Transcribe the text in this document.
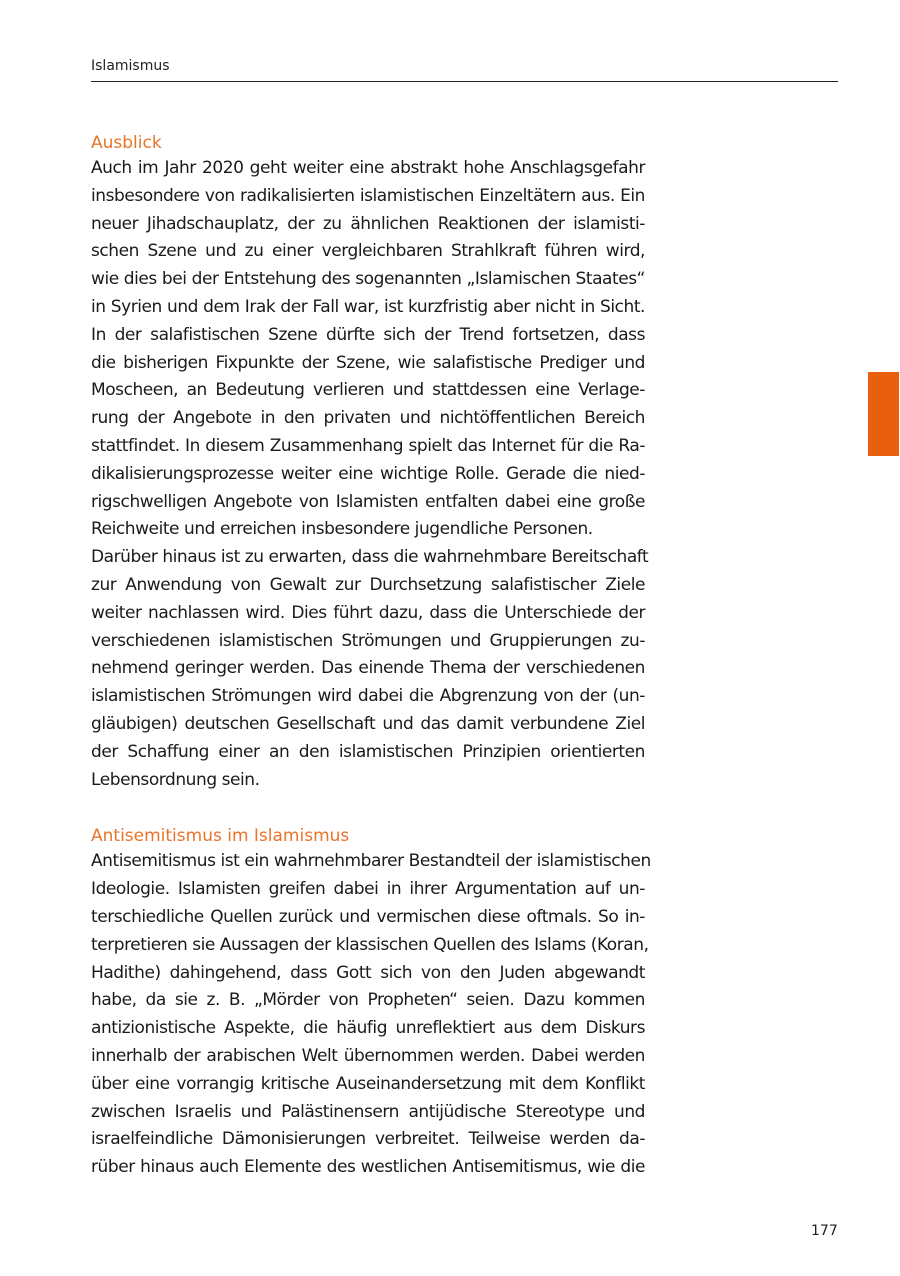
Islamismus
Ausblick
Auch im Jahr 2020 geht weiter eine abstrakt hohe Anschlagsgefahr
insbesondere von radikalisierten islamistischen Einzeltätern aus. Ein
neuer Jihadschauplatz, der zu ähnlichen Reaktionen der islamisti-
schen Szene und zu einer vergleichbaren Strahlkraft führen wird,
wie dies bei der Entstehung des sogenannten „Islamischen Staates“
in Syrien und dem Irak der Fall war, ist kurzfristig aber nicht in Sicht.
In der salafistischen Szene dürfte sich der Trend fortsetzen, dass
die bisherigen Fixpunkte der Szene, wie salafistische Prediger und
Moscheen, an Bedeutung verlieren und stattdessen eine Verlage-
rung der Angebote in den privaten und nichtöffentlichen Bereich
stattfindet. In diesem Zusammenhang spielt das Internet für die Ra-
dikalisierungsprozesse weiter eine wichtige Rolle. Gerade die nied-
rigschwelligen Angebote von Islamisten entfalten dabei eine große
Reichweite und erreichen insbesondere jugendliche Personen.
Darüber hinaus ist zu erwarten, dass die wahrnehmbare Bereitschaft
zur Anwendung von Gewalt zur Durchsetzung salafistischer Ziele
weiter nachlassen wird. Dies führt dazu, dass die Unterschiede der
verschiedenen islamistischen Strömungen und Gruppierungen zu-
nehmend geringer werden. Das einende Thema der verschiedenen
islamistischen Strömungen wird dabei die Abgrenzung von der (un-
gläubigen) deutschen Gesellschaft und das damit verbundene Ziel
der Schaffung einer an den islamistischen Prinzipien orientierten
Lebensordnung sein.
Antisemitismus im Islamismus
Antisemitismus ist ein wahrnehmbarer Bestandteil der islamistischen
Ideologie. Islamisten greifen dabei in ihrer Argumentation auf un-
terschiedliche Quellen zurück und vermischen diese oftmals. So in-
terpretieren sie Aussagen der klassischen Quellen des Islams (Koran,
Hadithe) dahingehend, dass Gott sich von den Juden abgewandt
habe, da sie z. B. „Mörder von Propheten“ seien. Dazu kommen
antizionistische Aspekte, die häufig unreflektiert aus dem Diskurs
innerhalb der arabischen Welt übernommen werden. Dabei werden
über eine vorrangig kritische Auseinandersetzung mit dem Konflikt
zwischen Israelis und Palästinensern antijüdische Stereotype und
israelfeindliche Dämonisierungen verbreitet. Teilweise werden da-
rüber hinaus auch Elemente des westlichen Antisemitismus, wie die
177
